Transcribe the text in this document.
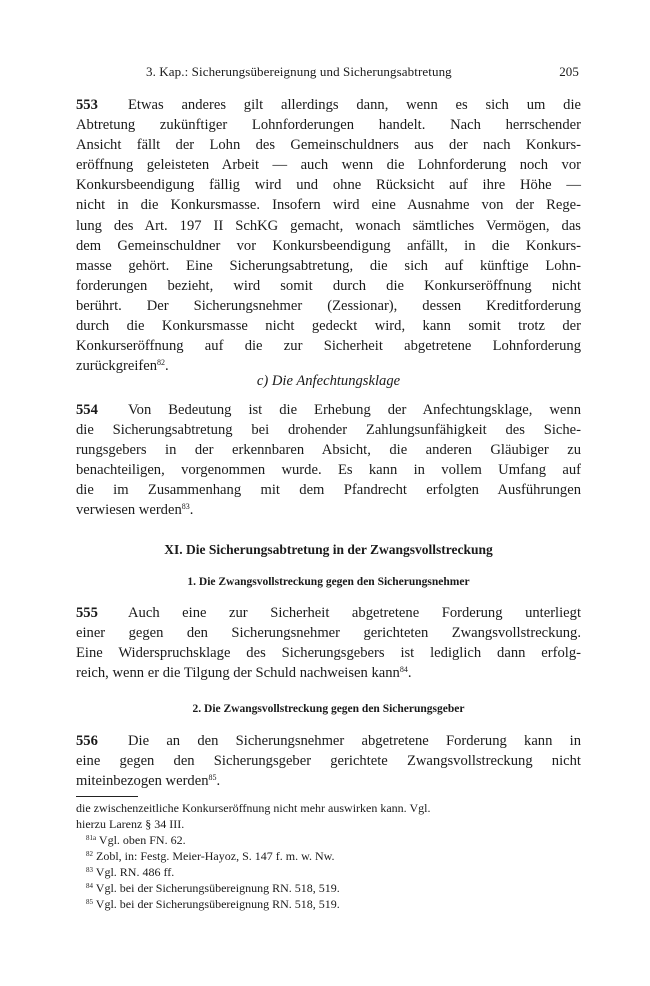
3. Kap.: Sicherungsübereignung und Sicherungsabtretung	205
553 Etwas anderes gilt allerdings dann, wenn es sich um die
Abtretung zukünftiger Lohnforderungen handelt. Nach herrschender
Ansicht fällt der Lohn des Gemeinschuldners aus der nach Konkurs-
eröffnung geleisteten Arbeit — auch wenn die Lohnforderung noch vor
Konkursbeendigung fällig wird und ohne Rücksicht auf ihre Höhe —
nicht in die Konkursmasse. Insofern wird eine Ausnahme von der Rege-
lung des Art. 197 II SchKG gemacht, wonach sämtliches Vermögen, das
dem Gemeinschuldner vor Konkursbeendigung anfällt, in die Konkurs-
masse gehört. Eine Sicherungsabtretung, die sich auf künftige Lohn-
forderungen bezieht, wird somit durch die Konkurseröffnung nicht
berührt. Der Sicherungsnehmer (Zessionar), dessen Kreditforderung
durch die Konkursmasse nicht gedeckt wird, kann somit trotz der
Konkurseröffnung auf die zur Sicherheit abgetretene Lohnforderung
zurückgreifen$^{82}$.
c) Die Anfechtungsklage
554 Von Bedeutung ist die Erhebung der Anfechtungsklage, wenn
die Sicherungsabtretung bei drohender Zahlungsunfähigkeit des Siche-
rungsgebers in der erkennbaren Absicht, die anderen Gläubiger zu
benachteiligen, vorgenommen wurde. Es kann in vollem Umfang auf
die im Zusammenhang mit dem Pfandrecht erfolgten Ausführungen
verwiesen werden$^{83}$.
XI. Die Sicherungsabtretung in der Zwangsvollstreckung
1. Die Zwangsvollstreckung gegen den Sicherungsnehmer
555 Auch eine zur Sicherheit abgetretene Forderung unterliegt
einer gegen den Sicherungsnehmer gerichteten Zwangsvollstreckung.
Eine Widerspruchsklage des Sicherungsgebers ist lediglich dann erfolg-
reich, wenn er die Tilgung der Schuld nachweisen kann$^{84}$.
2. Die Zwangsvollstreckung gegen den Sicherungsgeber
556 Die an den Sicherungsnehmer abgetretene Forderung kann in
eine gegen den Sicherungsgeber gerichtete Zwangsvollstreckung nicht
miteinbezogen werden$^{85}$.
die zwischenzeitliche Konkurseröffnung nicht mehr auswirken kann. Vgl.
hierzu Larenz § 34 III.
$^{81a}$ Vgl. oben FN. 62.
$^{82}$ Zobl, in: Festg. Meier-Hayoz, S. 147 f. m. w. Nw.
$^{83}$ Vgl. RN. 486 ff.
$^{84}$ Vgl. bei der Sicherungsübereignung RN. 518, 519.
$^{85}$ Vgl. bei der Sicherungsübereignung RN. 518, 519.
